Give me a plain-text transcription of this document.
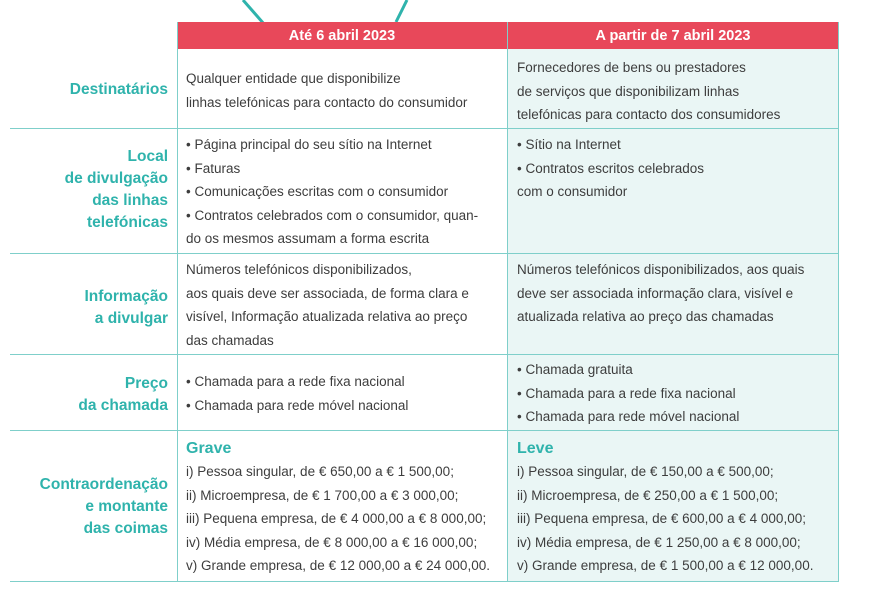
Até 6 abril 2023	A partir de 7 abril 2023
Destinatários
Qualquer entidade que disponibilize
linhas telefónicas para contacto do consumidor
Fornecedores de bens ou prestadores
de serviços que disponibilizam linhas
telefónicas para contacto dos consumidores
Local
de divulgação
das linhas
telefónicas
• Página principal do seu sítio na Internet
• Faturas
• Comunicações escritas com o consumidor
• Contratos celebrados com o consumidor, quan-
do os mesmos assumam a forma escrita
• Sítio na Internet
• Contratos escritos celebrados
com o consumidor
Informação
a divulgar
Números telefónicos disponibilizados,
aos quais deve ser associada, de forma clara e
visível, Informação atualizada relativa ao preço
das chamadas
Números telefónicos disponibilizados, aos quais
deve ser associada informação clara, visível e
atualizada relativa ao preço das chamadas
Preço
da chamada
• Chamada para a rede fixa nacional
• Chamada para rede móvel nacional
• Chamada gratuita
• Chamada para a rede fixa nacional
• Chamada para rede móvel nacional
Contraordenação
e montante
das coimas
Grave
i) Pessoa singular, de € 650,00 a € 1 500,00;
ii) Microempresa, de € 1 700,00 a € 3 000,00;
iii) Pequena empresa, de € 4 000,00 a € 8 000,00;
iv) Média empresa, de € 8 000,00 a € 16 000,00;
v) Grande empresa, de € 12 000,00 a € 24 000,00.
Leve
i) Pessoa singular, de € 150,00 a € 500,00;
ii) Microempresa, de € 250,00 a € 1 500,00;
iii) Pequena empresa, de € 600,00 a € 4 000,00;
iv) Média empresa, de € 1 250,00 a € 8 000,00;
v) Grande empresa, de € 1 500,00 a € 12 000,00.
